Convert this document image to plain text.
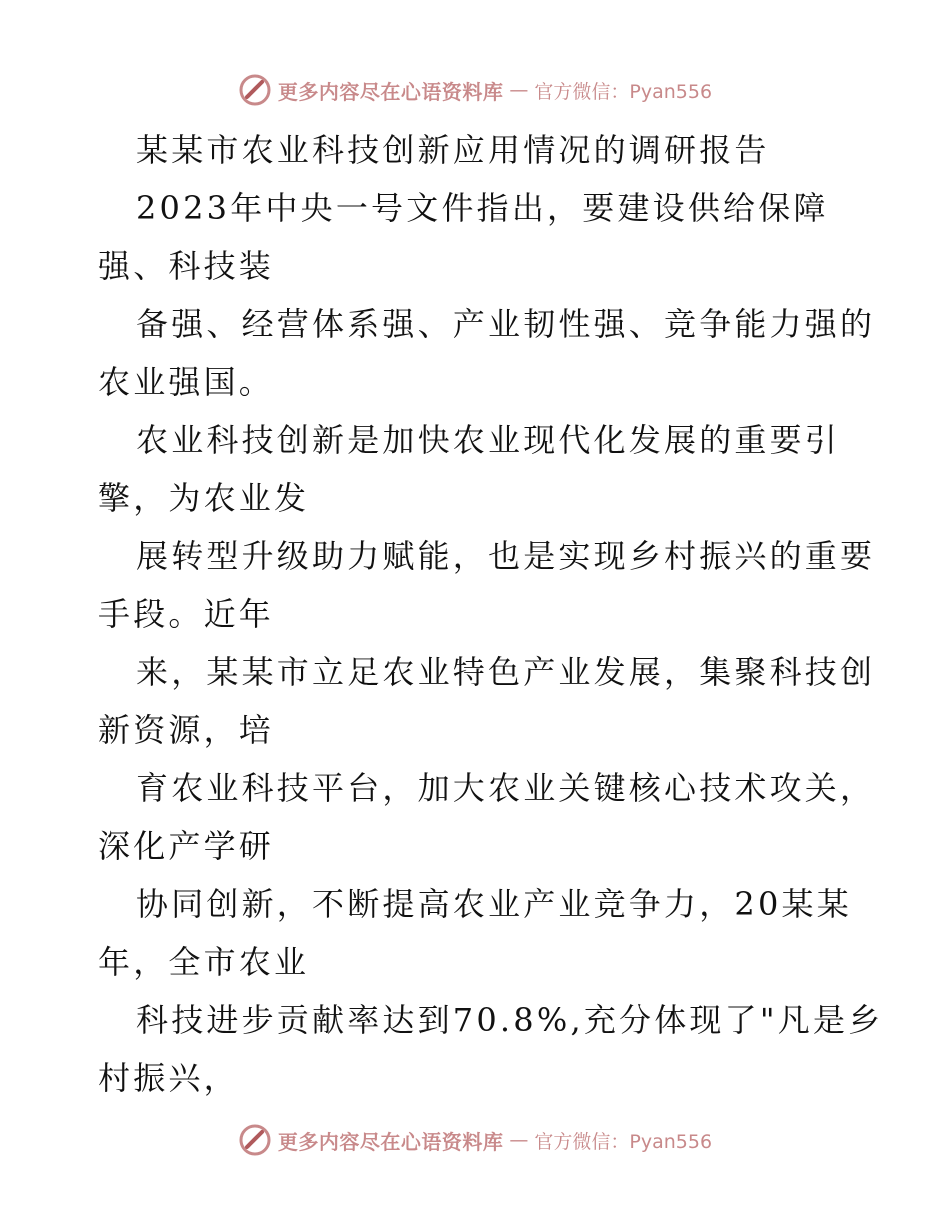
更多内容尽在心语资料库 — 官方微信：Pyan556
某某市农业科技创新应用情况的调研报告
2023年中央一号文件指出，要建设供给保障
强、科技装
备强、经营体系强、产业韧性强、竞争能力强的
农业强国。
农业科技创新是加快农业现代化发展的重要引
擎，为农业发
展转型升级助力赋能，也是实现乡村振兴的重要
手段。近年
来，某某市立足农业特色产业发展，集聚科技创
新资源，培
育农业科技平台，加大农业关键核心技术攻关，
深化产学研
协同创新，不断提高农业产业竞争力，20某某
年，全市农业
科技进步贡献率达到70.8%,充分体现了"凡是乡
村振兴，
更多内容尽在心语资料库 — 官方微信：Pyan556
